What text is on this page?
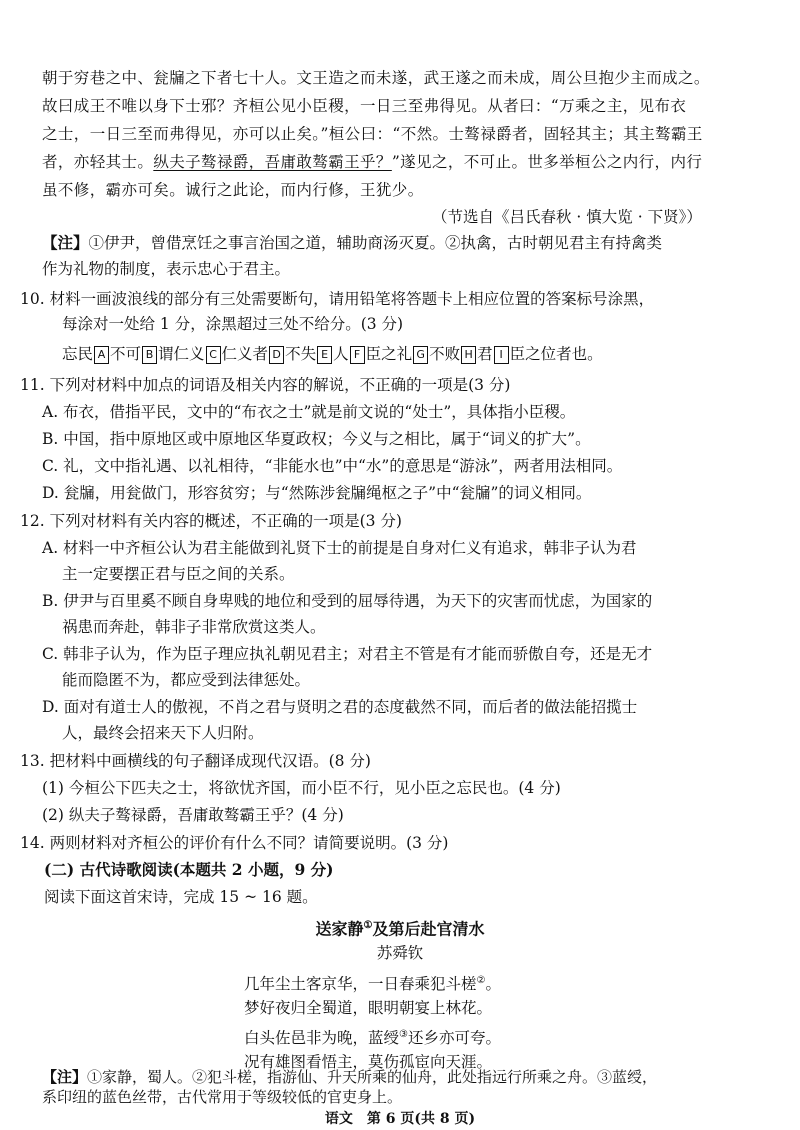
朝于穷巷之中、瓮牖之下者七十人。文王造之而未遂，武王遂之而未成，周公旦抱少主而成之。
故曰成王不唯以身下士邪？齐桓公见小臣稷，一日三至弗得见。从者曰：“万乘之主，见布衣
之士，一日三至而弗得见，亦可以止矣。”桓公曰：“不然。士骜禄爵者，固轻其主；其主骜霸王
者，亦轻其士。纵夫子骜禄爵，吾庸敢骜霸王乎？”遂见之，不可止。世多举桓公之内行，内行
虽不修，霸亦可矣。诚行之此论，而内行修，王犹少。
（节选自《吕氏春秋 · 慎大览 · 下贤》）
【注】①伊尹，曾借烹饪之事言治国之道，辅助商汤灭夏。②执禽，古时朝见君主有持禽类
作为礼物的制度，表示忠心于君主。
10. 材料一画波浪线的部分有三处需要断句，请用铅笔将答题卡上相应位置的答案标号涂黑，
每涂对一处给 1 分，涂黑超过三处不给分。(3 分)
忘民 A 不可 B 谓仁义 C 仁义者 D 不失 E 人 F 臣之礼 G 不败 H 君 I 臣之位者也。
11. 下列对材料中加点的词语及相关内容的解说，不正确的一项是(3 分)
A. 布衣，借指平民，文中的“布衣之士”就是前文说的“处士”，具体指小臣稷。
B. 中国，指中原地区或中原地区华夏政权；今义与之相比，属于“词义的扩大”。
C. 礼，文中指礼遇、以礼相待，“非能水也”中“水”的意思是“游泳”，两者用法相同。
D. 瓮牖，用瓮做门，形容贫穷；与“然陈涉瓮牖绳枢之子”中“瓮牖”的词义相同。
12. 下列对材料有关内容的概述，不正确的一项是(3 分)
A. 材料一中齐桓公认为君主能做到礼贤下士的前提是自身对仁义有追求，韩非子认为君
主一定要摆正君与臣之间的关系。
B. 伊尹与百里奚不顾自身卑贱的地位和受到的屈辱待遇，为天下的灾害而忧虑，为国家的
祸患而奔赴，韩非子非常欣赏这类人。
C. 韩非子认为，作为臣子理应执礼朝见君主；对君主不管是有才能而骄傲自夸，还是无才
能而隐匿不为，都应受到法律惩处。
D. 面对有道士人的傲视，不肖之君与贤明之君的态度截然不同，而后者的做法能招揽士
人，最终会招来天下人归附。
13. 把材料中画横线的句子翻译成现代汉语。(8 分)
(1) 今桓公下匹夫之士，将欲忧齐国，而小臣不行，见小臣之忘民也。(4 分)
(2) 纵夫子骜禄爵，吾庸敢骜霸王乎？(4 分)
14. 两则材料对齐桓公的评价有什么不同？请简要说明。(3 分)
(二) 古代诗歌阅读(本题共 2 小题，9 分)
阅读下面这首宋诗，完成 15 ~ 16 题。
送家静①及第后赴官清水
苏舜钦
几年尘土客京华，一日春乘犯斗槎②。
梦好夜归全蜀道，眼明朝宴上林花。
白头佐邑非为晚，蓝绶③还乡亦可夸。
况有雄图看悟主，莫伤孤宦向天涯。
【注】①家静，蜀人。②犯斗槎，指游仙、升天所乘的仙舟，此处指远行所乘之舟。③蓝绶，
系印纽的蓝色丝带，古代常用于等级较低的官吏身上。
语文　第 6 页(共 8 页)
